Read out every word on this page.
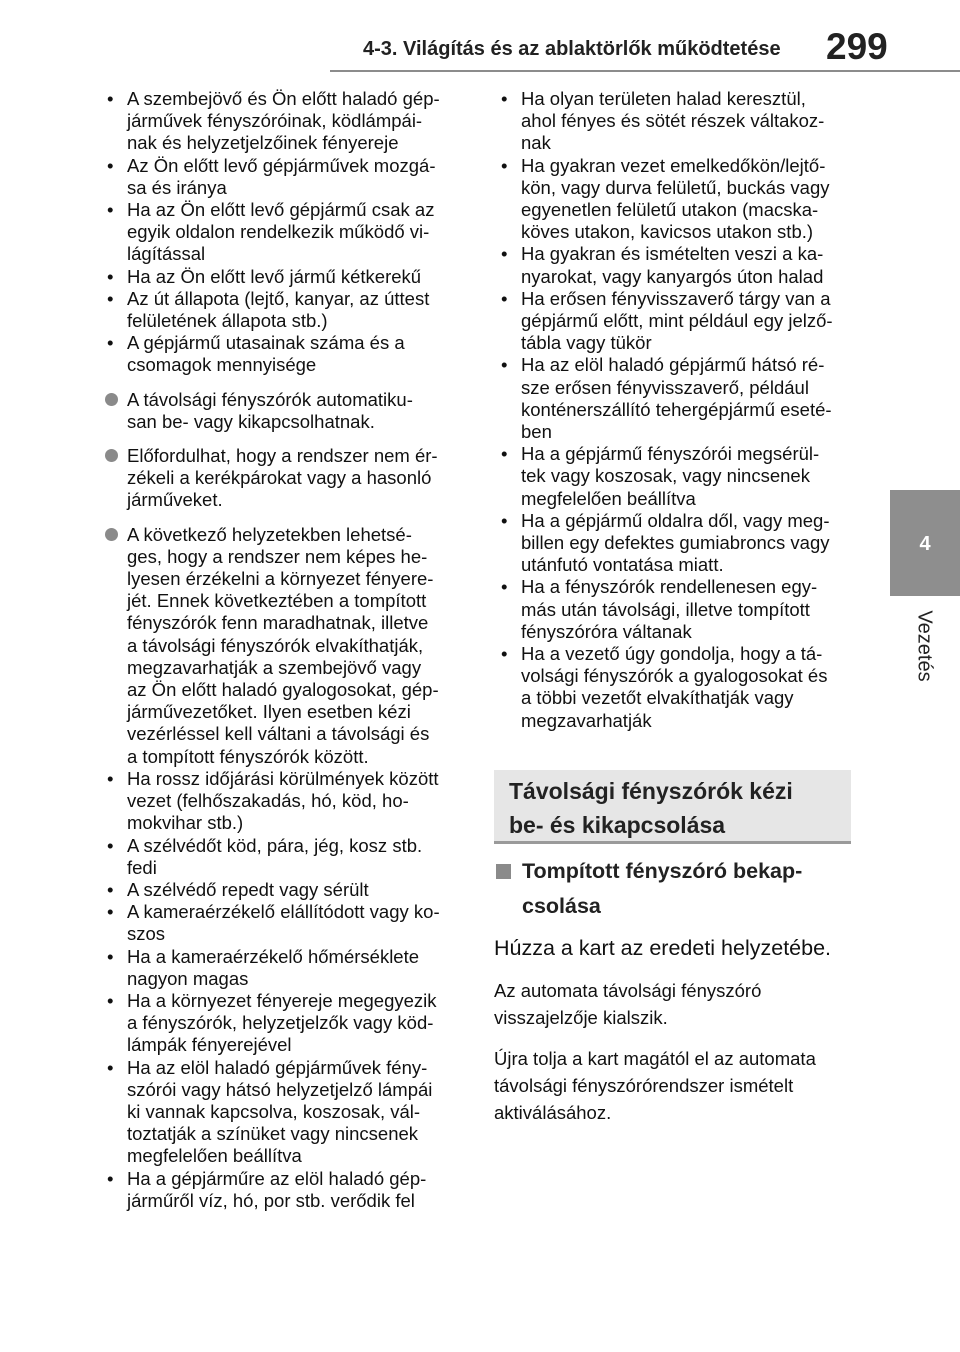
4-3. Világítás és az ablaktörlők működtetése 299
4
Vezetés
• A szembejövő és Ön előtt haladó gép-
járművek fényszóróinak, ködlámpái-
nak és helyzetjelzőinek fényereje
• Az Ön előtt levő gépjárművek mozgá-
sa és iránya
• Ha az Ön előtt levő gépjármű csak az
egyik oldalon rendelkezik működő vi-
lágítással
• Ha az Ön előtt levő jármű kétkerekű
• Az út állapota (lejtő, kanyar, az úttest
felületének állapota stb.)
• A gépjármű utasainak száma és a
csomagok mennyisége
A távolsági fényszórók automatiku-
san be- vagy kikapcsolhatnak.
Előfordulhat, hogy a rendszer nem ér-
zékeli a kerékpárokat vagy a hasonló
járműveket.
A következő helyzetekben lehetsé-
ges, hogy a rendszer nem képes he-
lyesen érzékelni a környezet fényere-
jét. Ennek következtében a tompított
fényszórók fenn maradhatnak, illetve
a távolsági fényszórók elvakíthatják,
megzavarhatják a szembejövő vagy
az Ön előtt haladó gyalogosokat, gép-
járművezetőket. Ilyen esetben kézi
vezérléssel kell váltani a távolsági és
a tompított fényszórók között.
• Ha rossz időjárási körülmények között
vezet (felhőszakadás, hó, köd, ho-
mokvihar stb.)
• A szélvédőt köd, pára, jég, kosz stb.
fedi
• A szélvédő repedt vagy sérült
• A kameraérzékelő elállítódott vagy ko-
szos
• Ha a kameraérzékelő hőmérséklete
nagyon magas
• Ha a környezet fényereje megegyezik
a fényszórók, helyzetjelzők vagy köd-
lámpák fényerejével
• Ha az elöl haladó gépjárművek fény-
szórói vagy hátsó helyzetjelző lámpái
ki vannak kapcsolva, koszosak, vál-
toztatják a színüket vagy nincsenek
megfelelően beállítva
• Ha a gépjárműre az elöl haladó gép-
járműről víz, hó, por stb. verődik fel
• Ha olyan területen halad keresztül,
ahol fényes és sötét részek váltakoz-
nak
• Ha gyakran vezet emelkedőkön/lejtő-
kön, vagy durva felületű, buckás vagy
egyenetlen felületű utakon (macska-
köves utakon, kavicsos utakon stb.)
• Ha gyakran és ismételten veszi a ka-
nyarokat, vagy kanyargós úton halad
• Ha erősen fényvisszaverő tárgy van a
gépjármű előtt, mint például egy jelző-
tábla vagy tükör
• Ha az elöl haladó gépjármű hátsó ré-
sze erősen fényvisszaverő, például
konténerszállító tehergépjármű eseté-
ben
• Ha a gépjármű fényszórói megsérül-
tek vagy koszosak, vagy nincsenek
megfelelően beállítva
• Ha a gépjármű oldalra dől, vagy meg-
billen egy defektes gumiabroncs vagy
utánfutó vontatása miatt.
• Ha a fényszórók rendellenesen egy-
más után távolsági, illetve tompított
fényszóróra váltanak
• Ha a vezető úgy gondolja, hogy a tá-
volsági fényszórók a gyalogosokat és
a többi vezetőt elvakíthatják vagy
megzavarhatják
Távolsági fényszórók kézi
be- és kikapcsolása
Tompított fényszóró bekap-
csolása
Húzza a kart az eredeti helyzetébe.
Az automata távolsági fényszóró
visszajelzője kialszik.
Újra tolja a kart magától el az automata
távolsági fényszórórendszer ismételt
aktiválásához.
